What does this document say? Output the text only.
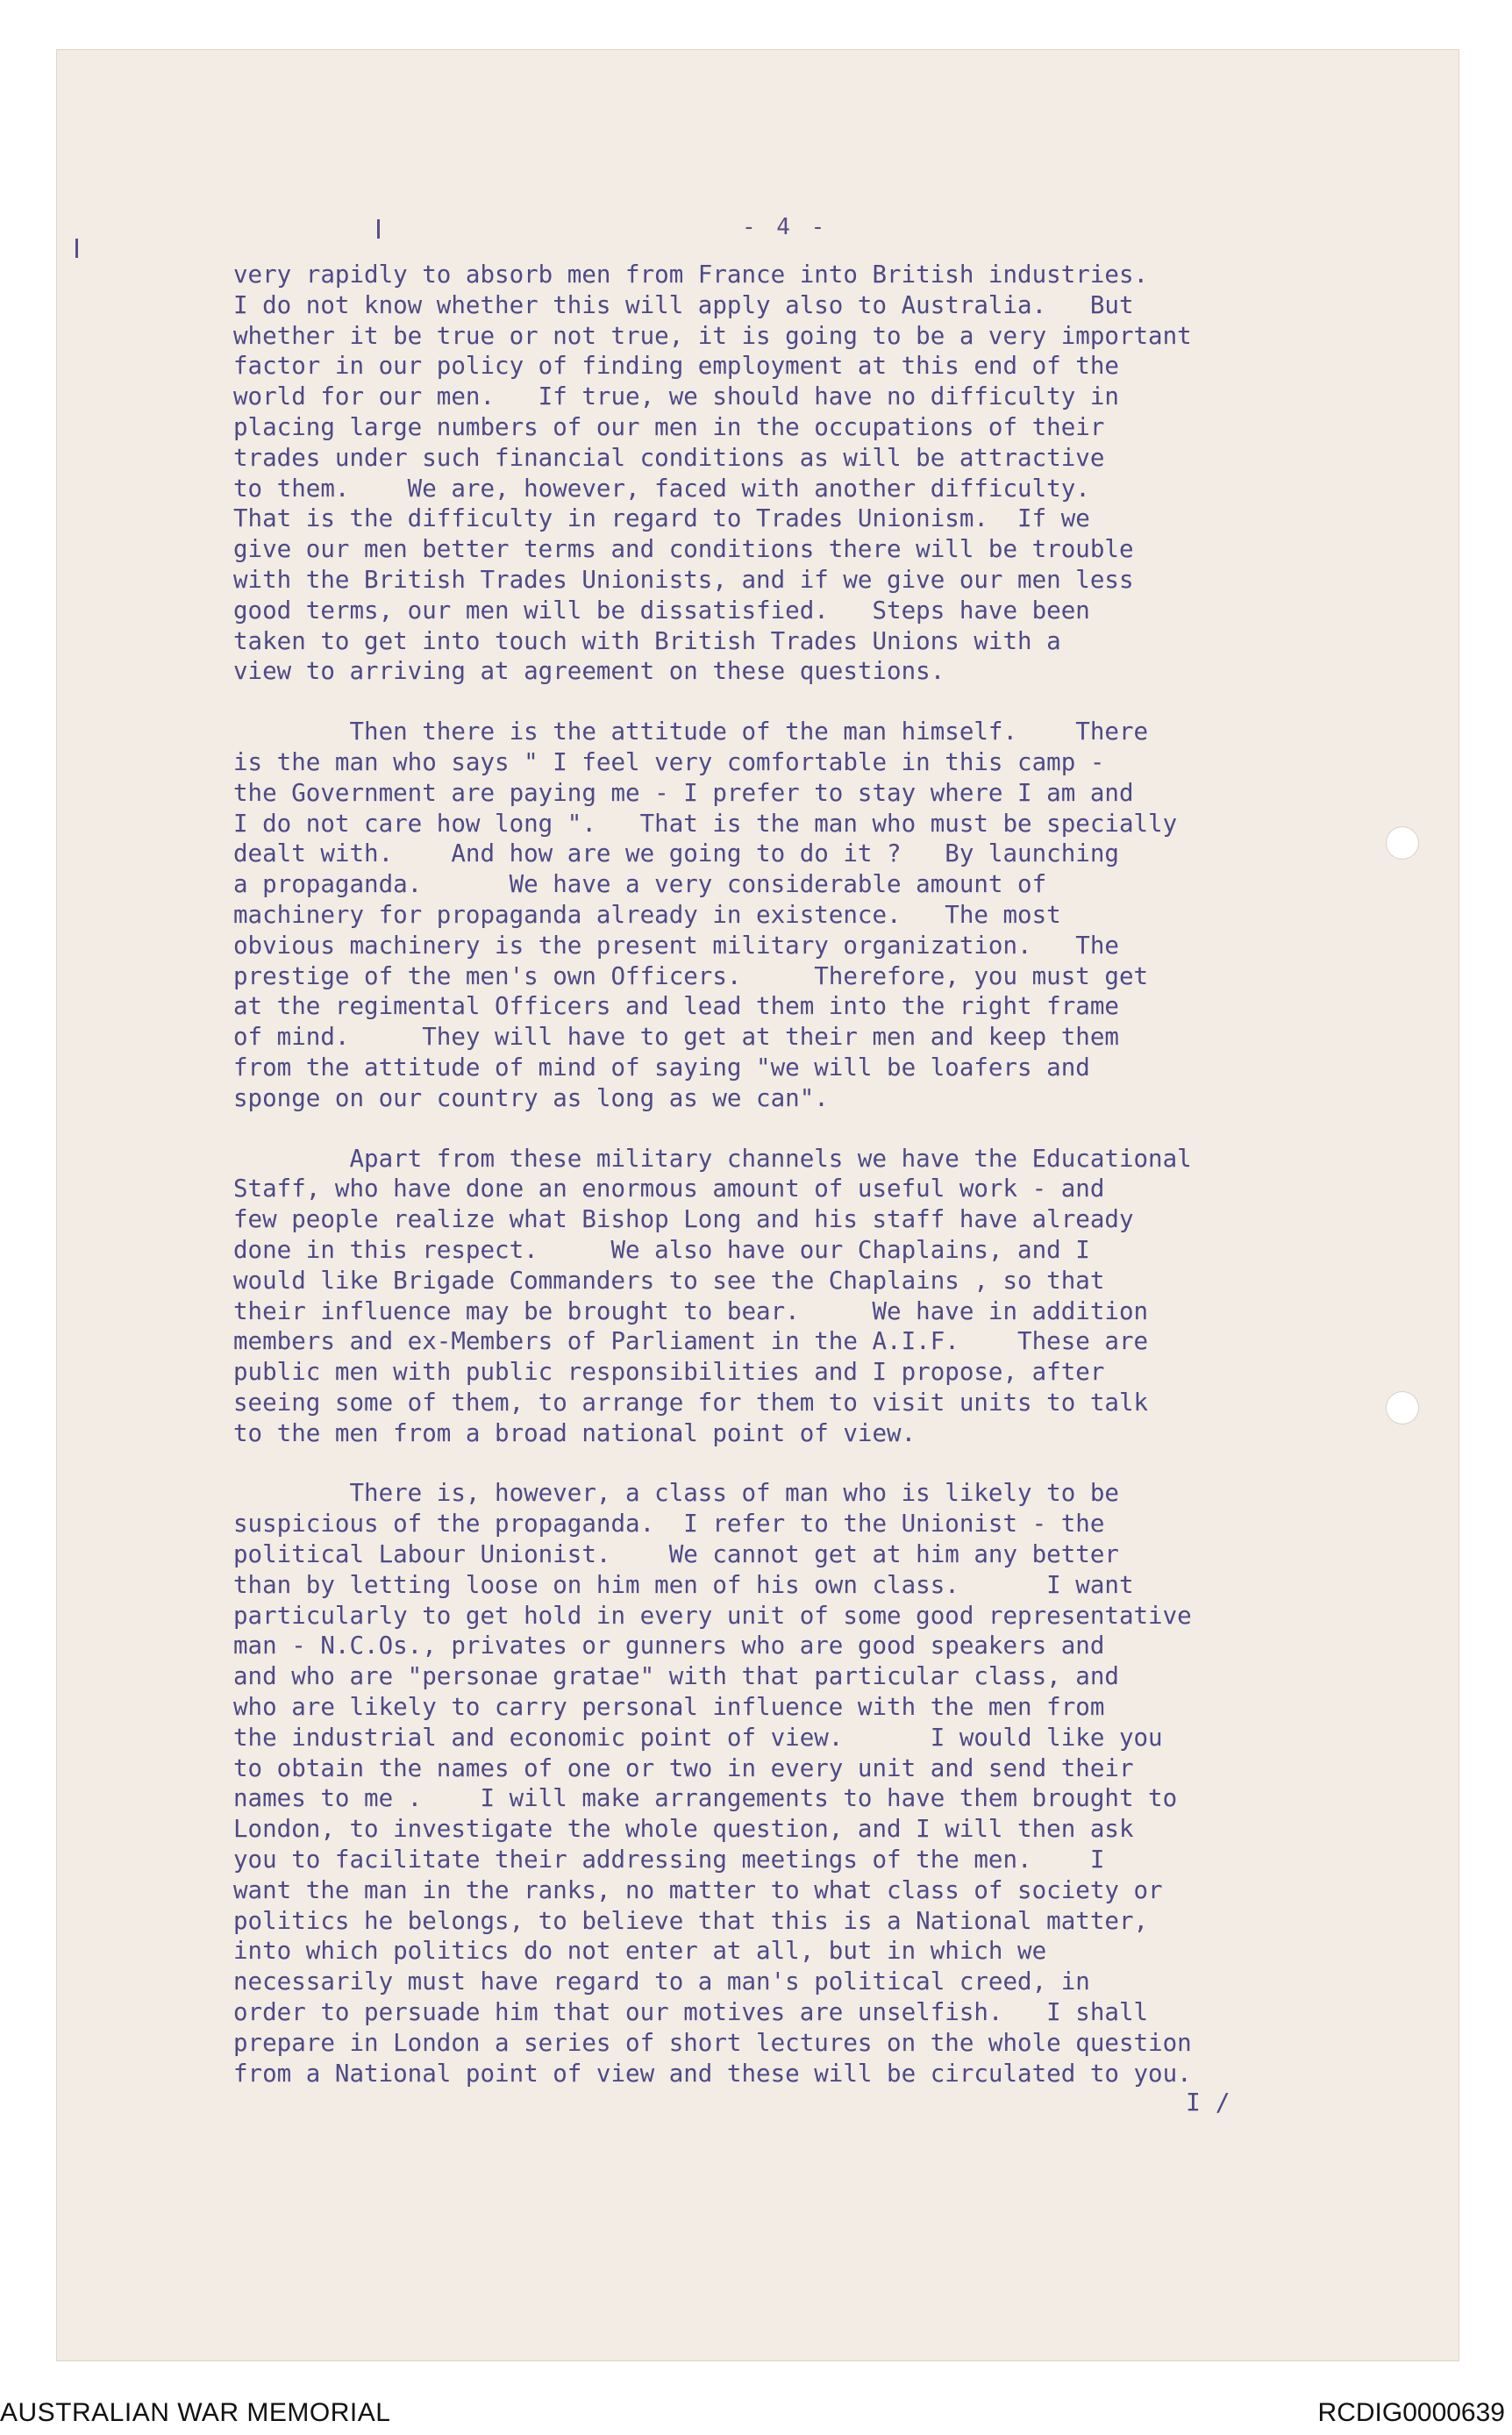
- 4 -

very rapidly to absorb men from France into British industries.
I do not know whether this will apply also to Australia.   But
whether it be true or not true, it is going to be a very important
factor in our policy of finding employment at this end of the
world for our men.   If true, we should have no difficulty in
placing large numbers of our men in the occupations of their
trades under such financial conditions as will be attractive
to them.    We are, however, faced with another difficulty.
That is the difficulty in regard to Trades Unionism.  If we
give our men better terms and conditions there will be trouble
with the British Trades Unionists, and if we give our men less
good terms, our men will be dissatisfied.   Steps have been
taken to get into touch with British Trades Unions with a
view to arriving at agreement on these questions.

Then there is the attitude of the man himself.    There
is the man who says " I feel very comfortable in this camp -
the Government are paying me - I prefer to stay where I am and
I do not care how long ".   That is the man who must be specially
dealt with.    And how are we going to do it ?   By launching
a propaganda.      We have a very considerable amount of
machinery for propaganda already in existence.   The most
obvious machinery is the present military organization.   The
prestige of the men's own Officers.     Therefore, you must get
at the regimental Officers and lead them into the right frame
of mind.     They will have to get at their men and keep them
from the attitude of mind of saying "we will be loafers and
sponge on our country as long as we can".

Apart from these military channels we have the Educational
Staff, who have done an enormous amount of useful work - and
few people realize what Bishop Long and his staff have already
done in this respect.     We also have our Chaplains, and I
would like Brigade Commanders to see the Chaplains , so that
their influence may be brought to bear.     We have in addition
members and ex-Members of Parliament in the A.I.F.    These are
public men with public responsibilities and I propose, after
seeing some of them, to arrange for them to visit units to talk
to the men from a broad national point of view.

There is, however, a class of man who is likely to be
suspicious of the propaganda.  I refer to the Unionist - the
political Labour Unionist.    We cannot get at him any better
than by letting loose on him men of his own class.      I want
particularly to get hold in every unit of some good representative
man - N.C.Os., privates or gunners who are good speakers and
and who are "personae gratae" with that particular class, and
who are likely to carry personal influence with the men from
the industrial and economic point of view.      I would like you
to obtain the names of one or two in every unit and send their
names to me .    I will make arrangements to have them brought to
London, to investigate the whole question, and I will then ask
you to facilitate their addressing meetings of the men.    I
want the man in the ranks, no matter to what class of society or
politics he belongs, to believe that this is a National matter,
into which politics do not enter at all, but in which we
necessarily must have regard to a man's political creed, in
order to persuade him that our motives are unselfish.   I shall
prepare in London a series of short lectures on the whole question
from a National point of view and these will be circulated to you.

I /
AUSTRALIAN WAR MEMORIAL	RCDIG0000639
